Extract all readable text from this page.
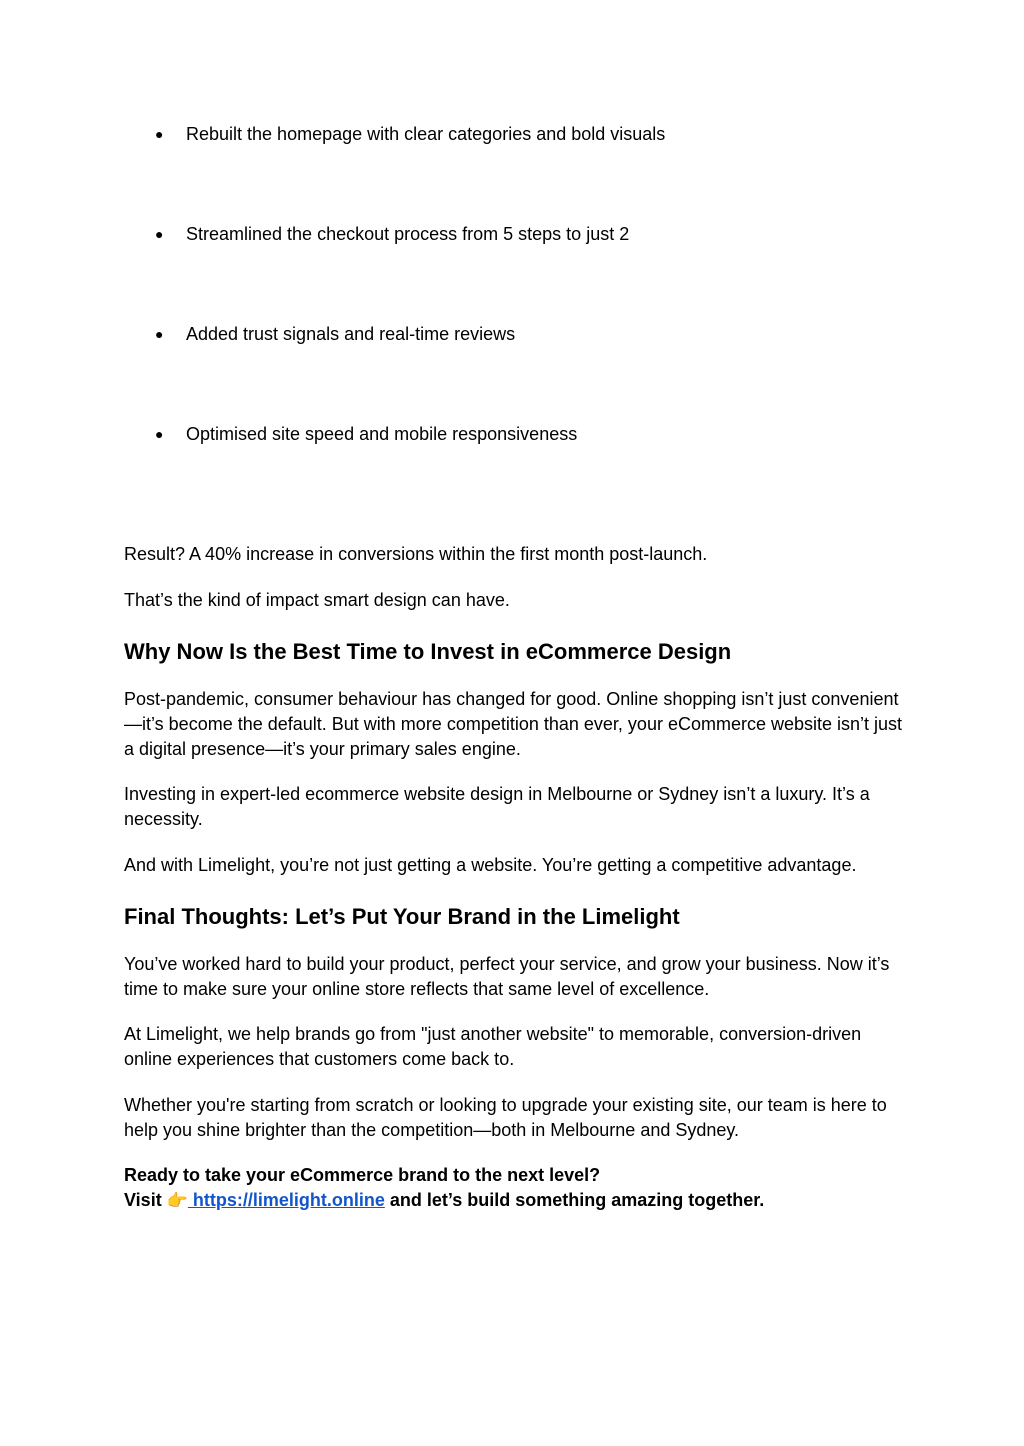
● Rebuilt the homepage with clear categories and bold visuals
● Streamlined the checkout process from 5 steps to just 2
● Added trust signals and real-time reviews
● Optimised site speed and mobile responsiveness

Result? A 40% increase in conversions within the first month post-launch.

That’s the kind of impact smart design can have.

Why Now Is the Best Time to Invest in eCommerce Design

Post-pandemic, consumer behaviour has changed for good. Online shopping isn’t just convenient—it’s become the default. But with more competition than ever, your eCommerce website isn’t just a digital presence—it’s your primary sales engine.

Investing in expert-led ecommerce website design in Melbourne or Sydney isn’t a luxury. It’s a necessity.

And with Limelight, you’re not just getting a website. You’re getting a competitive advantage.

Final Thoughts: Let’s Put Your Brand in the Limelight

You’ve worked hard to build your product, perfect your service, and grow your business. Now it’s time to make sure your online store reflects that same level of excellence.

At Limelight, we help brands go from "just another website" to memorable, conversion-driven online experiences that customers come back to.

Whether you're starting from scratch or looking to upgrade your existing site, our team is here to help you shine brighter than the competition—both in Melbourne and Sydney.

Ready to take your eCommerce brand to the next level?
Visit 👉 https://limelight.online and let’s build something amazing together.
